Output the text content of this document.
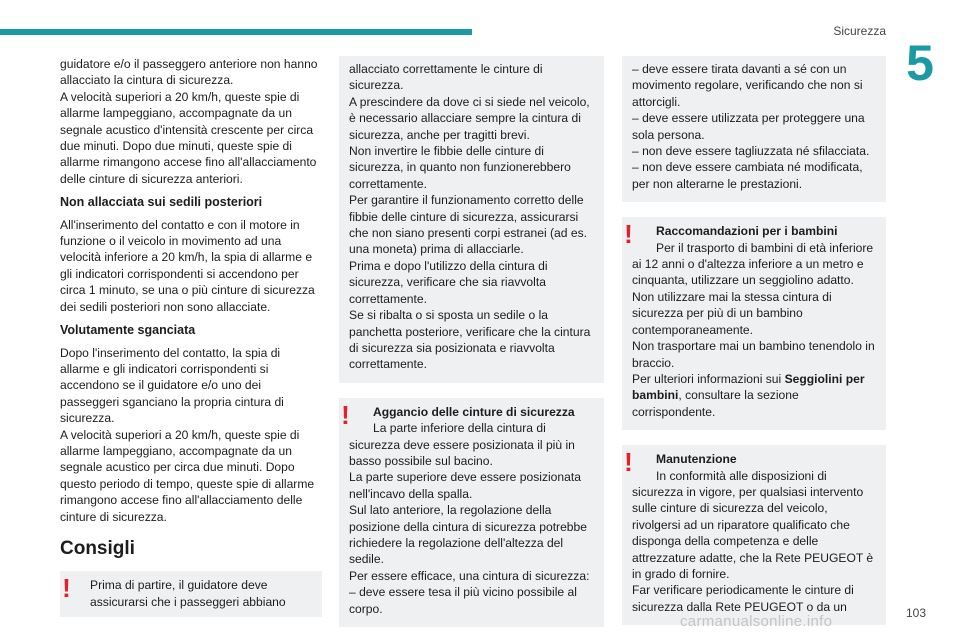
Sicurezza
5

guidatore e/o il passeggero anteriore non hanno allacciato la cintura di sicurezza.
A velocità superiori a 20 km/h, queste spie di allarme lampeggiano, accompagnate da un segnale acustico d'intensità crescente per circa due minuti. Dopo due minuti, queste spie di allarme rimangono accese fino all'allacciamento delle cinture di sicurezza anteriori.

Non allacciata sui sedili posteriori

All'inserimento del contatto e con il motore in funzione o il veicolo in movimento ad una velocità inferiore a 20 km/h, la spia di allarme e gli indicatori corrispondenti si accendono per circa 1 minuto, se una o più cinture di sicurezza dei sedili posteriori non sono allacciate.

Volutamente sganciata

Dopo l'inserimento del contatto, la spia di allarme e gli indicatori corrispondenti si accendono se il guidatore e/o uno dei passeggeri sganciano la propria cintura di sicurezza.
A velocità superiori a 20 km/h, queste spie di allarme lampeggiano, accompagnate da un segnale acustico per circa due minuti. Dopo questo periodo di tempo, queste spie di allarme rimangono accese fino all'allacciamento delle cinture di sicurezza.

Consigli

!	Prima di partire, il guidatore deve assicurarsi che i passeggeri abbiano

allacciato correttamente le cinture di sicurezza.
A prescindere da dove ci si siede nel veicolo, è necessario allacciare sempre la cintura di sicurezza, anche per tragitti brevi.
Non invertire le fibbie delle cinture di sicurezza, in quanto non funzionerebbero correttamente.
Per garantire il funzionamento corretto delle fibbie delle cinture di sicurezza, assicurarsi che non siano presenti corpi estranei (ad es. una moneta) prima di allacciarle.
Prima e dopo l'utilizzo della cintura di sicurezza, verificare che sia riavvolta correttamente.
Se si ribalta o si sposta un sedile o la panchetta posteriore, verificare che la cintura di sicurezza sia posizionata e riavvolta correttamente.

!	Aggancio delle cinture di sicurezza

La parte inferiore della cintura di

sicurezza deve essere posizionata il più in basso possibile sul bacino.
La parte superiore deve essere posizionata nell'incavo della spalla.
Sul lato anteriore, la regolazione della posizione della cintura di sicurezza potrebbe richiedere la regolazione dell'altezza del sedile.
Per essere efficace, una cintura di sicurezza:
– deve essere tesa il più vicino possibile al corpo.

– deve essere tirata davanti a sé con un movimento regolare, verificando che non si attorcigli.
– deve essere utilizzata per proteggere una sola persona.
– non deve essere tagliuzzata né sfilacciata.
– non deve essere cambiata né modificata, per non alterarne le prestazioni.

!	Raccomandazioni per i bambini

Per il trasporto di bambini di età inferiore

ai 12 anni o d'altezza inferiore a un metro e cinquanta, utilizzare un seggiolino adatto.
Non utilizzare mai la stessa cintura di sicurezza per più di un bambino contemporaneamente.
Non trasportare mai un bambino tenendolo in braccio.
Per ulteriori informazioni sui Seggiolini per bambini, consultare la sezione corrispondente.

!	Manutenzione

In conformità alle disposizioni di

sicurezza in vigore, per qualsiasi intervento sulle cinture di sicurezza del veicolo, rivolgersi ad un riparatore qualificato che disponga della competenza e delle attrezzature adatte, che la Rete PEUGEOT è in grado di fornire.
Far verificare periodicamente le cinture di sicurezza dalla Rete PEUGEOT o da un	103
carmanualsonline.info
